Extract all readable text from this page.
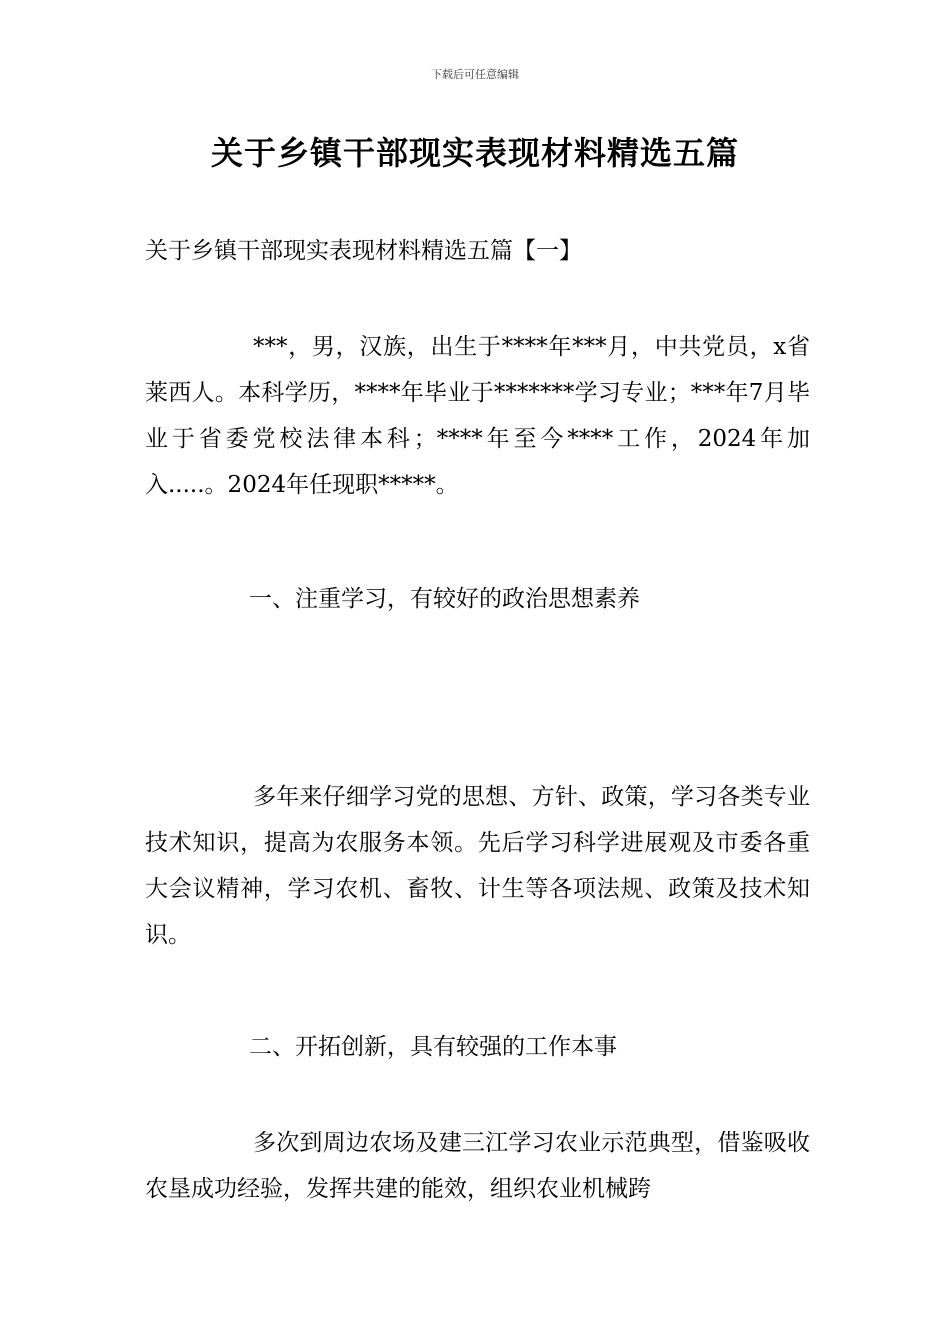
下载后可任意编辑
关于乡镇干部现实表现材料精选五篇

关于乡镇干部现实表现材料精选五篇【一】

***，男，汉族，出生于****年***月，中共党员，x省莱西人。本科学历，****年毕业于*******学习专业；***年7月毕业于省委党校法律本科；****年至今****工作，2024年加入.....。2024年任现职*****。

一、注重学习，有较好的政治思想素养

多年来仔细学习党的思想、方针、政策，学习各类专业技术知识，提高为农服务本领。先后学习科学进展观及市委各重大会议精神，学习农机、畜牧、计生等各项法规、政策及技术知识。

二、开拓创新，具有较强的工作本事

多次到周边农场及建三江学习农业示范典型，借鉴吸收农垦成功经验，发挥共建的能效，组织农业机械跨
